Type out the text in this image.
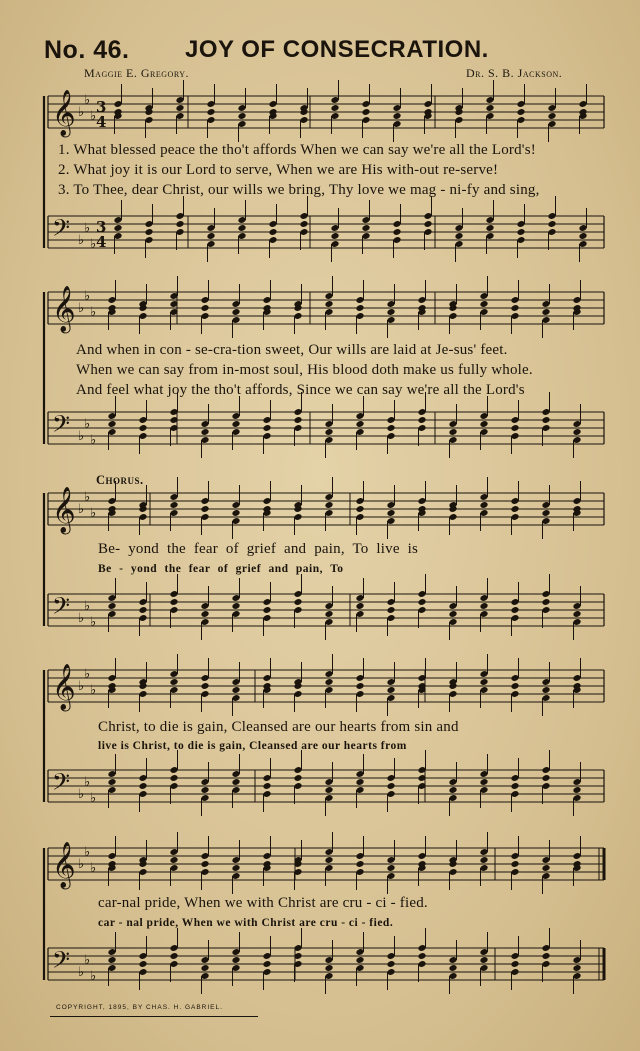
𝄞 ♭
♭
♭
𝄢 ♭
♭
♭
3
4
3
4
𝄞 ♭
♭
♭
𝄢 ♭
♭
♭
𝄞 ♭
♭
♭
𝄢 ♭
♭
♭
𝄞 ♭
♭
♭
𝄢 ♭
♭
♭
𝄞 ♭
♭
♭
𝄢 ♭
♭
♭
No. 46. JOY OF CONSECRATION.
Maggie E. Gregory.	Dr. S. B. Jackson.
1. What blessed peace the tho't affords When we can say we're all the Lord's!
2. What joy it is our Lord to serve, When we are His with-out re-serve!
3. To Thee, dear Christ, our wills we bring, Thy love we mag - ni-fy and sing,
And when in con - se-cra-tion sweet, Our wills are laid at Je-sus' feet.
When we can say from in-most soul, His blood doth make us fully whole.
And feel what joy the tho't affords, Since we can say we're all the Lord's
Chorus.
Be- yond the fear of grief and pain, To live is
Be - yond the fear of grief and pain, To
Christ, to die is gain, Cleansed are our hearts from sin and
live is Christ, to die is gain, Cleansed are our hearts from
car-nal pride, When we with Christ are cru - ci - fied.
car - nal pride, When we with Christ are cru - ci - fied.
COPYRIGHT, 1895, BY CHAS. H. GABRIEL.
